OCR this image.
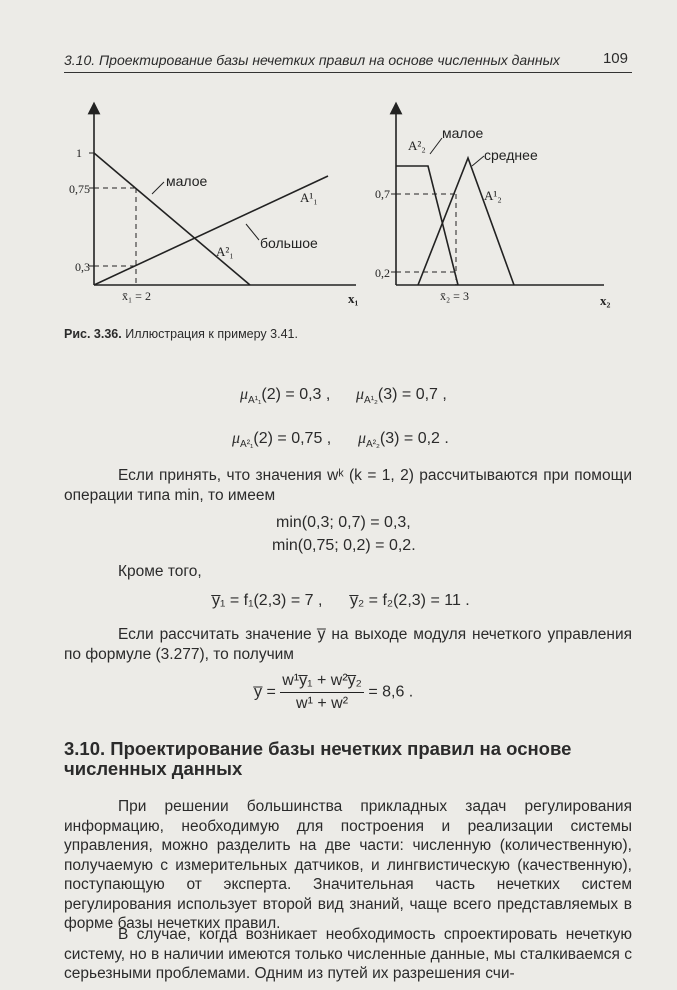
3.10. Проектирование базы нечетких правил на основе численных данных	109
1
0,75
0,3
x̄₁ = 2	x₁
малое
большое
A¹₁
A²₁
0,7
0,2
x̄₂ = 3	x₂
малое
среднее
A²₂
A¹₂
Рис. 3.36. Иллюстрация к примеру 3.41.
$\mu_{A^1_1}(2) = 0,3$ , $\mu_{A^1_2}(3) = 0,7$ ,
$\mu_{A^2_1}(2) = 0,75$ , $\mu_{A^2_2}(3) = 0,2$ .
Если принять, что значения wᵏ (k = 1, 2) рассчитываются при помощи операции типа min, то имеем
min(0,3; 0,7) = 0,3,
min(0,75; 0,2) = 0,2.
Кроме того,
y̅₁ = f₁(2,3) = 7 , y̅₂ = f₂(2,3) = 11 .
Если рассчитать значение y̅ на выходе модуля нечеткого управления по формуле (3.277), то получим
y̅ = $\frac{\text{w¹y̅₁ + w²y̅₂}}{\text{w¹ + w²}} = 8,6$ .
3.10. Проектирование базы нечетких правил на основе численных данных
При решении большинства прикладных задач регулирования информацию, необходимую для построения и реализации системы управления, можно разделить на две части: численную (количественную), получаемую с измерительных датчиков, и лингвистическую (качественную), поступающую от эксперта. Значительная часть нечетких систем регулирования использует второй вид знаний, чаще всего представляемых в форме базы нечетких правил.
В случае, когда возникает необходимость спроектировать нечеткую систему, но в наличии имеются только численные данные, мы сталкиваемся с серьезными проблемами. Одним из путей их разрешения счи-
